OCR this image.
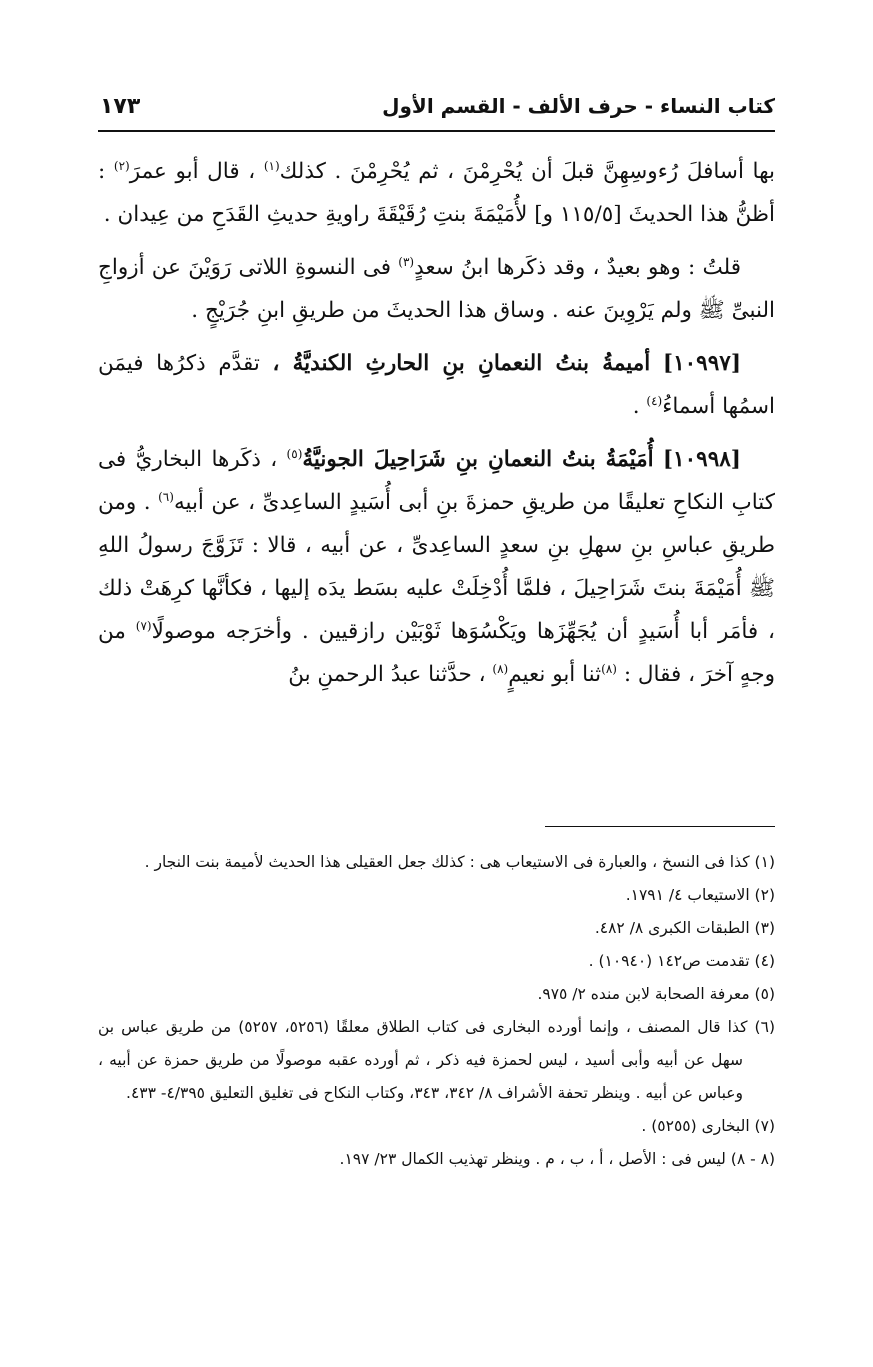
كتاب النساء - حرف الألف - القسم الأول
١٧٣

بها أسافلَ رُءوسِهِنَّ قبلَ أن يُحْرِمْنَ ، ثم يُحْرِمْنَ . كذلك$^{(١)}$ ، قال أبو عمرَ$^{(٢)}$ : أظنُّ هذا الحديثَ [١١٥/٥ و] لأُمَيْمَةَ بنتِ رُقَيْقَةَ راويةِ حديثِ القَدَحِ من عِيدان .

قلتُ : وهو بعيدٌ ، وقد ذكَرها ابنُ سعدٍ$^{(٣)}$ فى النسوةِ اللاتى رَوَيْنَ عن أزواجِ النبىِّ ﷺ ولم يَرْوِينَ عنه . وساق هذا الحديثَ من طريقِ ابنِ جُرَيْجٍ .

[١٠٩٩٧] أميمةُ بنتُ النعمانِ بنِ الحارثِ الكنديَّةُ ، تقدَّم ذكرُها فيمَن اسمُها أسماءُ$^{(٤)}$ .

[١٠٩٩٨] أُمَيْمَةُ بنتُ النعمانِ بنِ شَرَاحِيلَ الجونيَّةُ$^{(٥)}$ ، ذكَرها البخاريُّ فى كتابِ النكاحِ تعليقًا من طريقِ حمزةَ بنِ أبى أُسَيدٍ الساعِدىِّ ، عن أبيه$^{(٦)}$ . ومن طريقِ عباسِ بنِ سهلِ بنِ سعدٍ الساعِدىِّ ، عن أبيه ، قالا : تَزَوَّجَ رسولُ اللهِ ﷺ أُمَيْمَةَ بنتَ شَرَاحِيلَ ، فلمَّا أُدْخِلَتْ عليه بسَط يدَه إليها ، فكأنَّها كرِهَتْ ذلك ، فأمَر أبا أُسَيدٍ أن يُجَهِّزَها ويَكْسُوَها ثَوْبَيْن رازقيين . وأخرَجه موصولًا$^{(٧)}$ من وجهٍ آخرَ ، فقال : $^{(٨)}$ثنا أبو نعيمٍ$^{(٨)}$ ، حدَّثنا عبدُ الرحمنِ بنُ

(١) كذا فى النسخ ، والعبارة فى الاستيعاب هى : كذلك جعل العقيلى هذا الحديث لأميمة بنت النجار .

(٢) الاستيعاب ٤/ ١٧٩١.

(٣) الطبقات الكبرى ٨/ ٤٨٢.

(٤) تقدمت ص١٤٢ (١٠٩٤٠) .

(٥) معرفة الصحابة لابن منده ٢/ ٩٧٥.

(٦) كذا قال المصنف ، وإنما أورده البخارى فى كتاب الطلاق معلقًا (٥٢٥٦، ٥٢٥٧) من طريق عباس بن سهل عن أبيه وأبى أسيد ، ليس لحمزة فيه ذكر ، ثم أورده عقبه موصولًا من طريق حمزة عن أبيه ، وعباس عن أبيه . وينظر تحفة الأشراف ٨/ ٣٤٢، ٣٤٣، وكتاب النكاح فى تغليق التعليق ٤/٣٩٥- ٤٣٣.

(٧) البخارى (٥٢٥٥) .

(٨ - ٨) ليس فى : الأصل ، أ ، ب ، م . وينظر تهذيب الكمال ٢٣/ ١٩٧.
